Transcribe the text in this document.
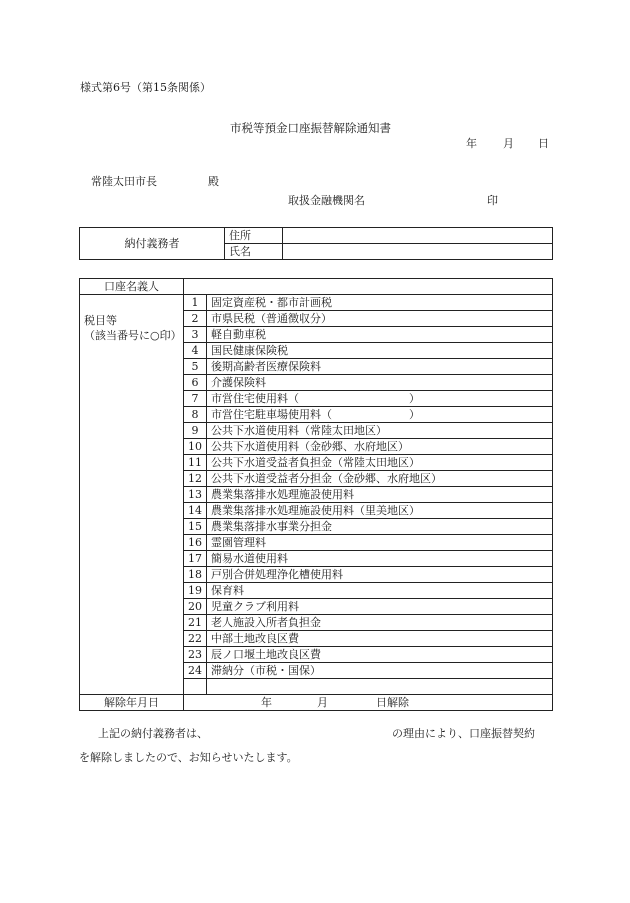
様式第6号（第15条関係）
市税等預金口座振替解除通知書
年 月 日
常陸太田市長	殿
取扱金融機関名	印
納付義務者	住所	
	氏名	
口座名義人		

税目等
（該当番号に○印）	1	固定資産税・都市計画税
	2	市県民税（普通徴収分）
	3	軽自動車税
	4	国民健康保険税
	5	後期高齢者医療保険料
	6	介護保険料
	7	市営住宅使用料（　　　　　　　　　　）
	8	市営住宅駐車場使用料（　　　　　　　）
	9	公共下水道使用料（常陸太田地区）
	10	公共下水道使用料（金砂郷、水府地区）
	11	公共下水道受益者負担金（常陸太田地区）
	12	公共下水道受益者分担金（金砂郷、水府地区）
	13	農業集落排水処理施設使用料
	14	農業集落排水処理施設使用料（里美地区）
	15	農業集落排水事業分担金
	16	霊園管理料
	17	簡易水道使用料
	18	戸別合併処理浄化槽使用料
	19	保育料
	20	児童クラブ利用料
	21	老人施設入所者負担金
	22	中部土地改良区費
	23	辰ノ口堰土地改良区費
	24	滞納分（市税・国保）

解除年月日	年 月 日解除	
上記の納付義務者は、	の理由により、口座振替契約
を解除しましたので、お知らせいたします。
